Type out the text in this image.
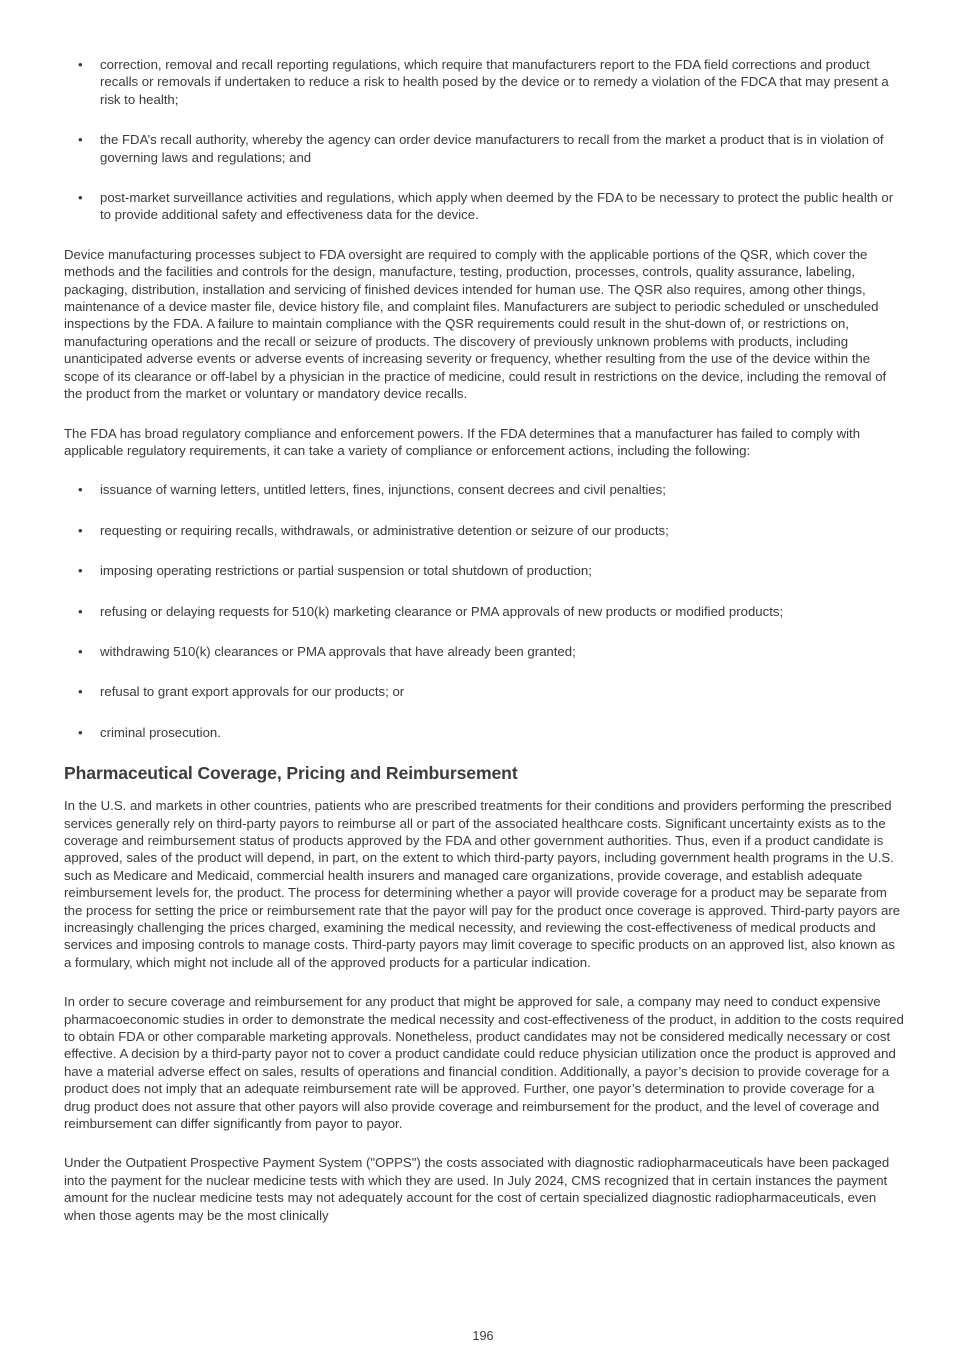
• correction, removal and recall reporting regulations, which require that manufacturers report to the FDA field corrections and product recalls or removals if undertaken to reduce a risk to health posed by the device or to remedy a violation of the FDCA that may present a risk to health;
• the FDA’s recall authority, whereby the agency can order device manufacturers to recall from the market a product that is in violation of governing laws and regulations; and
• post-market surveillance activities and regulations, which apply when deemed by the FDA to be necessary to protect the public health or to provide additional safety and effectiveness data for the device.

Device manufacturing processes subject to FDA oversight are required to comply with the applicable portions of the QSR, which cover the methods and the facilities and controls for the design, manufacture, testing, production, processes, controls, quality assurance, labeling, packaging, distribution, installation and servicing of finished devices intended for human use. The QSR also requires, among other things, maintenance of a device master file, device history file, and complaint files. Manufacturers are subject to periodic scheduled or unscheduled inspections by the FDA. A failure to maintain compliance with the QSR requirements could result in the shut-down of, or restrictions on, manufacturing operations and the recall or seizure of products. The discovery of previously unknown problems with products, including unanticipated adverse events or adverse events of increasing severity or frequency, whether resulting from the use of the device within the scope of its clearance or off-label by a physician in the practice of medicine, could result in restrictions on the device, including the removal of the product from the market or voluntary or mandatory device recalls.

The FDA has broad regulatory compliance and enforcement powers. If the FDA determines that a manufacturer has failed to comply with applicable regulatory requirements, it can take a variety of compliance or enforcement actions, including the following:

• issuance of warning letters, untitled letters, fines, injunctions, consent decrees and civil penalties;
• requesting or requiring recalls, withdrawals, or administrative detention or seizure of our products;
• imposing operating restrictions or partial suspension or total shutdown of production;
• refusing or delaying requests for 510(k) marketing clearance or PMA approvals of new products or modified products;
• withdrawing 510(k) clearances or PMA approvals that have already been granted;
• refusal to grant export approvals for our products; or
• criminal prosecution.
Pharmaceutical Coverage, Pricing and Reimbursement

In the U.S. and markets in other countries, patients who are prescribed treatments for their conditions and providers performing the prescribed services generally rely on third-party payors to reimburse all or part of the associated healthcare costs. Significant uncertainty exists as to the coverage and reimbursement status of products approved by the FDA and other government authorities. Thus, even if a product candidate is approved, sales of the product will depend, in part, on the extent to which third-party payors, including government health programs in the U.S. such as Medicare and Medicaid, commercial health insurers and managed care organizations, provide coverage, and establish adequate reimbursement levels for, the product. The process for determining whether a payor will provide coverage for a product may be separate from the process for setting the price or reimbursement rate that the payor will pay for the product once coverage is approved. Third-party payors are increasingly challenging the prices charged, examining the medical necessity, and reviewing the cost-effectiveness of medical products and services and imposing controls to manage costs. Third-party payors may limit coverage to specific products on an approved list, also known as a formulary, which might not include all of the approved products for a particular indication.

In order to secure coverage and reimbursement for any product that might be approved for sale, a company may need to conduct expensive pharmacoeconomic studies in order to demonstrate the medical necessity and cost-effectiveness of the product, in addition to the costs required to obtain FDA or other comparable marketing approvals. Nonetheless, product candidates may not be considered medically necessary or cost effective. A decision by a third-party payor not to cover a product candidate could reduce physician utilization once the product is approved and have a material adverse effect on sales, results of operations and financial condition. Additionally, a payor’s decision to provide coverage for a product does not imply that an adequate reimbursement rate will be approved. Further, one payor’s determination to provide coverage for a drug product does not assure that other payors will also provide coverage and reimbursement for the product, and the level of coverage and reimbursement can differ significantly from payor to payor.

Under the Outpatient Prospective Payment System ("OPPS") the costs associated with diagnostic radiopharmaceuticals have been packaged into the payment for the nuclear medicine tests with which they are used. In July 2024, CMS recognized that in certain instances the payment amount for the nuclear medicine tests may not adequately account for the cost of certain specialized diagnostic radiopharmaceuticals, even when those agents may be the most clinically

196
